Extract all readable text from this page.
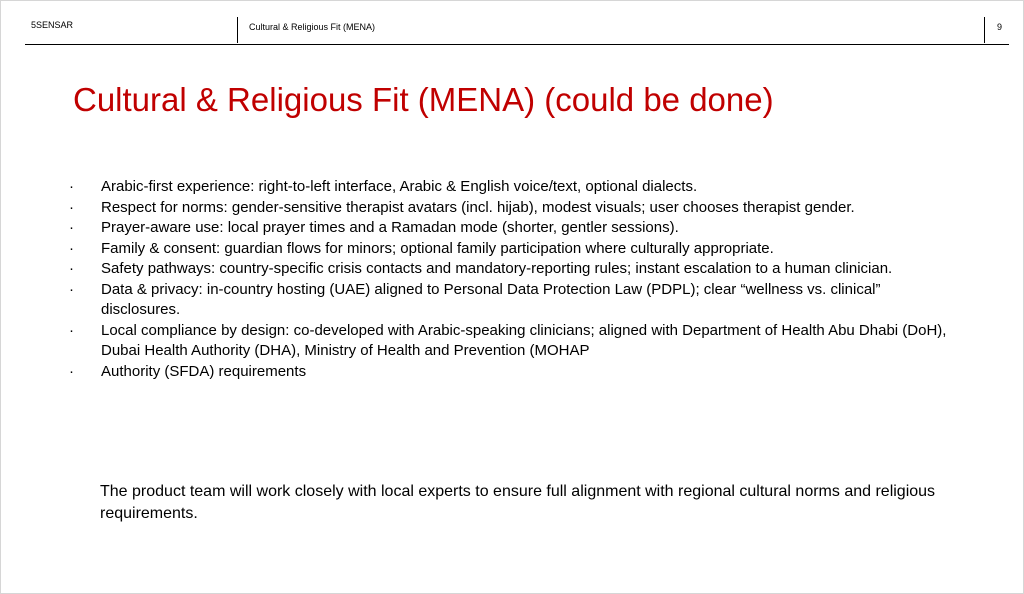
5SENSAR	Cultural & Religious Fit (MENA)	9
Cultural & Religious Fit (MENA) (could be done)
· Arabic-first experience: right-to-left interface, Arabic & English voice/text, optional dialects.
· Respect for norms: gender-sensitive therapist avatars (incl. hijab), modest visuals; user chooses therapist gender.
· Prayer-aware use: local prayer times and a Ramadan mode (shorter, gentler sessions).
· Family & consent: guardian flows for minors; optional family participation where culturally appropriate.
· Safety pathways: country-specific crisis contacts and mandatory-reporting rules; instant escalation to a human clinician.
· Data & privacy: in-country hosting (UAE) aligned to Personal Data Protection Law (PDPL); clear “wellness vs. clinical” disclosures.
· Local compliance by design: co-developed with Arabic-speaking clinicians; aligned with Department of Health Abu Dhabi (DoH), Dubai Health Authority (DHA), Ministry of Health and Prevention (MOHAP
· Authority (SFDA) requirements

The product team will work closely with local experts to ensure full alignment with regional cultural norms and religious requirements.
